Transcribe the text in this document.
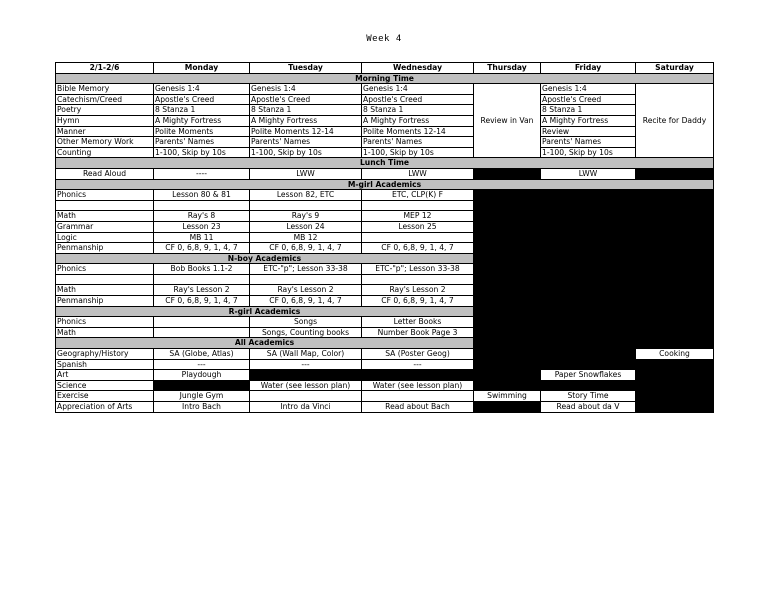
Week 4
2/1-2/6	Monday	Tuesday	Wednesday	Thursday	Friday	Saturday
Morning Time						
Bible Memory	Genesis 1:4	Genesis 1:4	Genesis 1:4	Review in Van	Genesis 1:4	Recite for Daddy
Catechism/Creed	Apostle's Creed	Apostle's Creed	Apostle's Creed		Apostle's Creed	
Poetry	8 Stanza 1	8 Stanza 1	8 Stanza 1		8 Stanza 1	
Hymn	A Mighty Fortress	A Mighty Fortress	A Mighty Fortress		A Mighty Fortress	
Manner	Polite Moments	Polite Moments 12-14	Polite Moments 12-14		Review	
Other Memory Work	Parents' Names	Parents' Names	Parents' Names		Parents' Names	
Counting	1-100, Skip by 10s	1-100, Skip by 10s	1-100, Skip by 10s		1-100, Skip by 10s	
Lunch Time						
Read Aloud	----	LWW	LWW		LWW	
M-girl Academics						
Phonics	Lesson 80 & 81	Lesson 82, ETC	ETC, CLP(K) F			

Math	Ray's 8	Ray's 9	MEP 12			
Grammar	Lesson 23	Lesson 24	Lesson 25			
Logic	MB 11	MB 12				
Penmanship	CF 0, 6,8, 9, 1, 4, 7	CF 0, 6,8, 9, 1, 4, 7	CF 0, 6,8, 9, 1, 4, 7			
N-boy Academics						
Phonics	Bob Books 1.1-2	ETC-"p"; Lesson 33-38	ETC-"p"; Lesson 33-38			

Math	Ray's Lesson 2	Ray's Lesson 2	Ray's Lesson 2			
Penmanship	CF 0, 6,8, 9, 1, 4, 7	CF 0, 6,8, 9, 1, 4, 7	CF 0, 6,8, 9, 1, 4, 7			
R-girl Academics						
Phonics		Songs	Letter Books			
Math		Songs, Counting books	Number Book Page 3			
All Academics						
Geography/History	SA (Globe, Atlas)	SA (Wall Map, Color)	SA (Poster Geog)			Cooking
Spanish	---	---	---			
Art	Playdough				Paper Snowflakes	
Science		Water (see lesson plan)	Water (see lesson plan)			
Exercise	Jungle Gym			Swimming	Story Time	
Appreciation of Arts	Intro Bach	Intro da Vinci	Read about Bach		Read about da V	
